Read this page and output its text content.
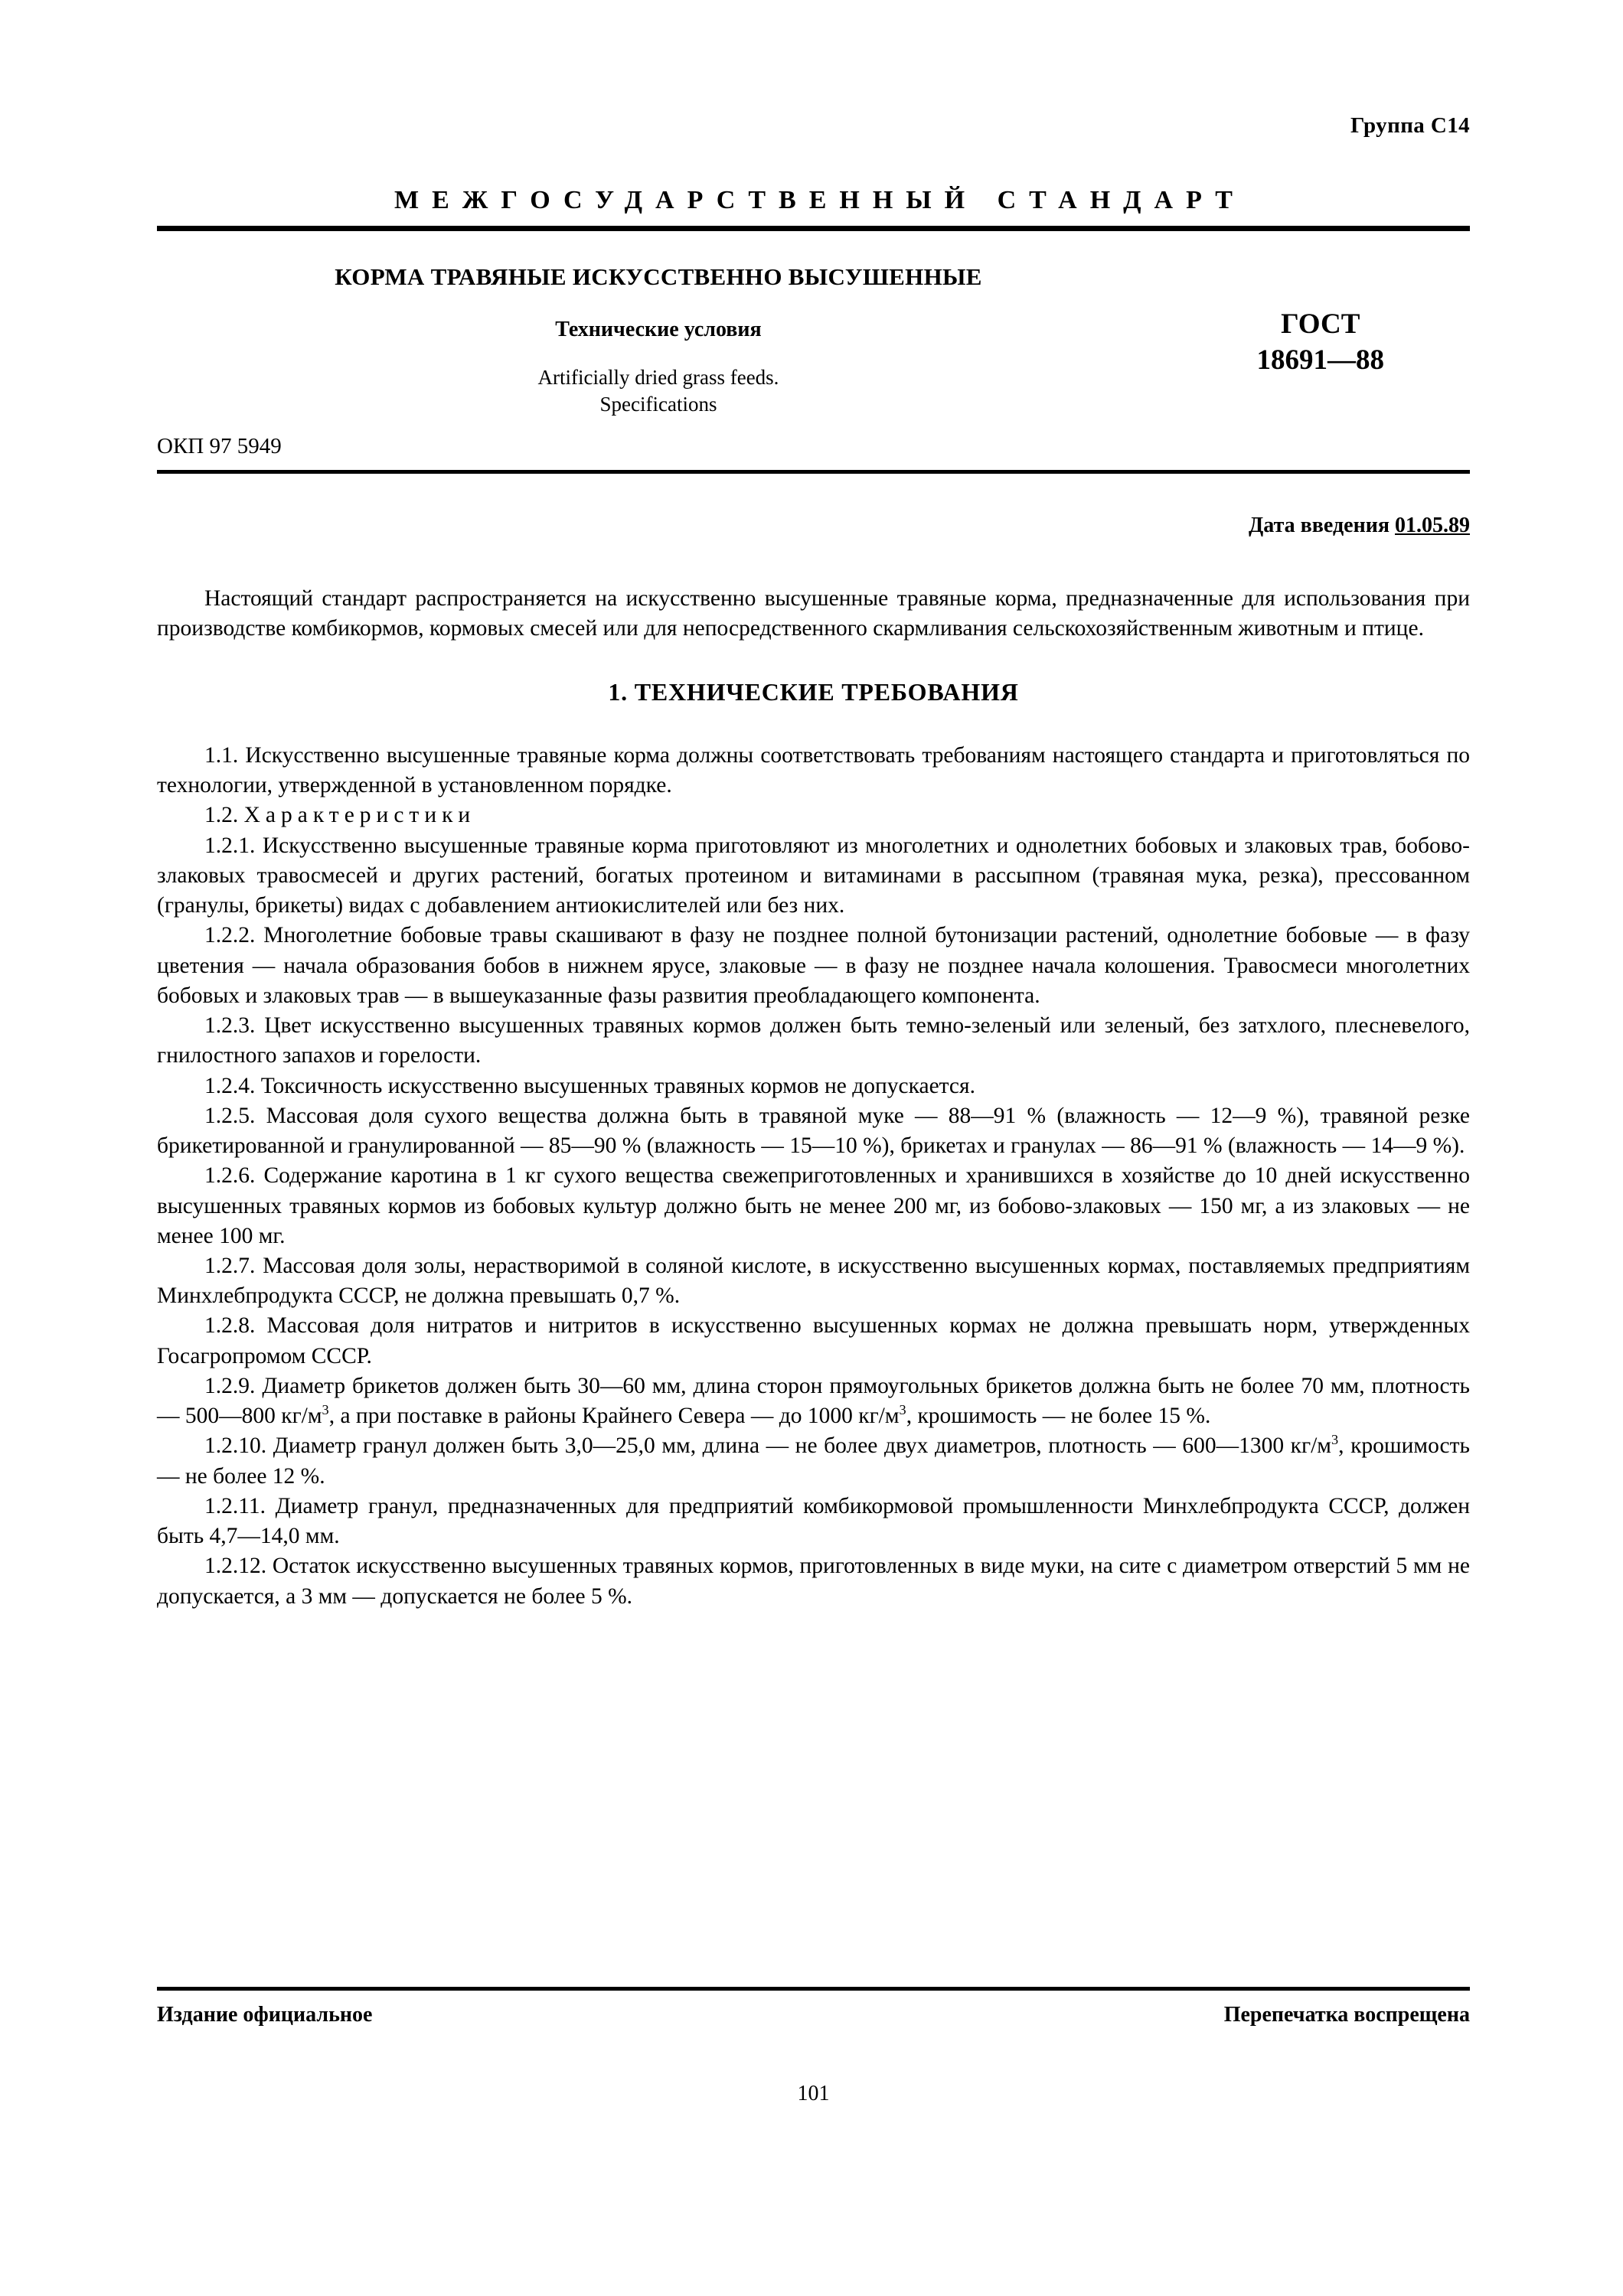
Группа С14
МЕЖГОСУДАРСТВЕННЫЙ СТАНДАРТ
КОРМА ТРАВЯНЫЕ ИСКУССТВЕННО ВЫСУШЕННЫЕ
Технические условия
Artificially dried grass feeds.
Specifications
ГОСТ
18691—88
ОКП 97 5949
Дата введения 01.05.89

Настоящий стандарт распространяется на искусственно высушенные травяные корма, предназначенные для использования при производстве комбикормов, кормовых смесей или для непосредственного скармливания сельскохозяйственным животным и птице.

1. ТЕХНИЧЕСКИЕ ТРЕБОВАНИЯ

1.1. Искусственно высушенные травяные корма должны соответствовать требованиям настоящего стандарта и приготовляться по технологии, утвержденной в установленном порядке.

1.2. Характеристики

1.2.1. Искусственно высушенные травяные корма приготовляют из многолетних и однолетних бобовых и злаковых трав, бобово-злаковых травосмесей и других растений, богатых протеином и витаминами в рассыпном (травяная мука, резка), прессованном (гранулы, брикеты) видах с добавлением антиокислителей или без них.

1.2.2. Многолетние бобовые травы скашивают в фазу не позднее полной бутонизации растений, однолетние бобовые — в фазу цветения — начала образования бобов в нижнем ярусе, злаковые — в фазу не позднее начала колошения. Травосмеси многолетних бобовых и злаковых трав — в вышеуказанные фазы развития преобладающего компонента.

1.2.3. Цвет искусственно высушенных травяных кормов должен быть темно-зеленый или зеленый, без затхлого, плесневелого, гнилостного запахов и горелости.

1.2.4. Токсичность искусственно высушенных травяных кормов не допускается.

1.2.5. Массовая доля сухого вещества должна быть в травяной муке — 88—91 % (влажность — 12—9 %), травяной резке брикетированной и гранулированной — 85—90 % (влажность — 15—10 %), брикетах и гранулах — 86—91 % (влажность — 14—9 %).

1.2.6. Содержание каротина в 1 кг сухого вещества свежеприготовленных и хранившихся в хозяйстве до 10 дней искусственно высушенных травяных кормов из бобовых культур должно быть не менее 200 мг, из бобово-злаковых — 150 мг, а из злаковых — не менее 100 мг.

1.2.7. Массовая доля золы, нерастворимой в соляной кислоте, в искусственно высушенных кормах, поставляемых предприятиям Минхлебпродукта СССР, не должна превышать 0,7 %.

1.2.8. Массовая доля нитратов и нитритов в искусственно высушенных кормах не должна превышать норм, утвержденных Госагропромом СССР.

1.2.9. Диаметр брикетов должен быть 30—60 мм, длина сторон прямоугольных брикетов должна быть не более 70 мм, плотность — 500—800 $кг/м^3$, а при поставке в районы Крайнего Севера — до 1000 $кг/м^3$, крошимость — не более 15 %.

1.2.10. Диаметр гранул должен быть 3,0—25,0 мм, длина — не более двух диаметров, плотность — 600—1300 $кг/м^3$, крошимость — не более 12 %.

1.2.11. Диаметр гранул, предназначенных для предприятий комбикормовой промышленности Минхлебпродукта СССР, должен быть 4,7—14,0 мм.

1.2.12. Остаток искусственно высушенных травяных кормов, приготовленных в виде муки, на сите с диаметром отверстий 5 мм не допускается, а 3 мм — допускается не более 5 %.

Издание официальное	Перепечатка воспрещена
101
